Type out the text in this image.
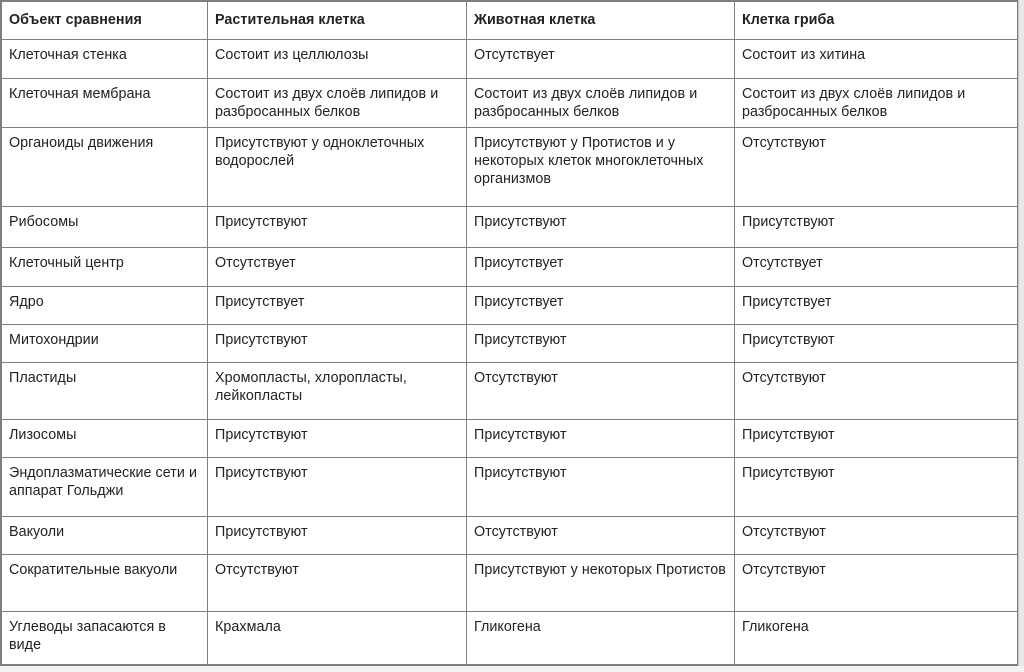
Объект сравнения	Растительная клетка	Животная клетка	Клетка гриба
Клеточная стенка	Состоит из целлюлозы	Отсутствует	Состоит из хитина
Клеточная мембрана	Состоит из двух слоёв липидов и разбросанных белков	Состоит из двух слоёв липидов и разбросанных белков	Состоит из двух слоёв липидов и разбросанных белков
Органоиды движения	Присутствуют у одноклеточных водорослей	Присутствуют у Протистов и у некоторых клеток многоклеточных организмов	Отсутствуют
Рибосомы	Присутствуют	Присутствуют	Присутствуют
Клеточный центр	Отсутствует	Присутствует	Отсутствует
Ядро	Присутствует	Присутствует	Присутствует
Митохондрии	Присутствуют	Присутствуют	Присутствуют
Пластиды	Хромопласты, хлоропласты, лейкопласты	Отсутствуют	Отсутствуют
Лизосомы	Присутствуют	Присутствуют	Присутствуют
Эндоплазматические сети и аппарат Гольджи	Присутствуют	Присутствуют	Присутствуют
Вакуоли	Присутствуют	Отсутствуют	Отсутствуют
Сократительные вакуоли	Отсутствуют	Присутствуют у некоторых Протистов	Отсутствуют
Углеводы запасаются в виде	Крахмала	Гликогена	Гликогена
